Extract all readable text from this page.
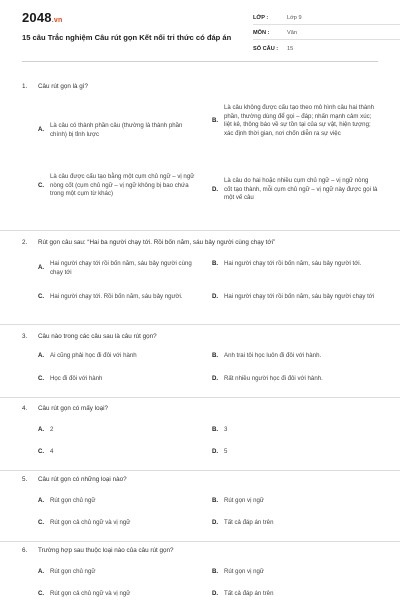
2048.vn
15 câu Trắc nghiệm Câu rút gọn Kết nối tri thức có đáp án
LỚP :	Lớp 9
MÔN :	Văn
SỐ CÂU :	15
1.	Câu rút gọn là gì?
A.
Là câu có thành phần câu (thường là thành phần chính) bị tỉnh lược
B.
Là câu không được cấu tạo theo mô hình câu hai thành phần, thường dùng để gọi – đáp; nhấn mạnh cảm xúc; liệt kê, thông báo về sự tồn tại của sự vật, hiện tượng; xác định thời gian, nơi chốn diễn ra sự việc
C.
Là câu được cấu tạo bằng một cụm chủ ngữ – vị ngữ nòng cốt (cụm chủ ngữ – vị ngữ không bị bao chứa trong một cụm từ khác)
D.
Là câu do hai hoặc nhiều cụm chủ ngữ – vị ngữ nòng cốt tạo thành, mỗi cụm chủ ngữ – vị ngữ này được gọi là một vế câu
2.	Rút gọn câu sau: “Hai ba người chạy tới. Rồi bốn năm, sáu bảy người cùng chạy tới”
A.
Hai người chạy tới rồi bốn năm, sáu bảy người cùng chạy tới
B. Hai người chạy tới rồi bốn năm, sáu bảy người tới.
C. Hai người chạy tới. Rồi bốn năm, sáu bảy người.	D. Hai người chạy tới rồi bốn năm, sáu bảy người chạy tới
3.	Câu nào trong các câu sau là câu rút gọn?
A. Ai cũng phải học đi đôi với hành	B. Anh trai tôi học luôn đi đôi với hành.
C. Học đi đôi với hành	D. Rất nhiều người học đi đôi với hành.
4.	Câu rút gọn có mấy loại?
A. 2	B. 3
C. 4	D. 5
5.	Câu rút gọn có những loại nào?
A. Rút gọn chủ ngữ	B. Rút gọn vị ngữ
C. Rút gọn cả chủ ngữ và vị ngữ	D. Tất cả đáp án trên
6.	Trường hợp sau thuộc loại nào của câu rút gọn?
A. Rút gọn chủ ngữ	B. Rút gọn vị ngữ
C. Rút gọn cả chủ ngữ và vị ngữ	D. Tất cả đáp án trên
